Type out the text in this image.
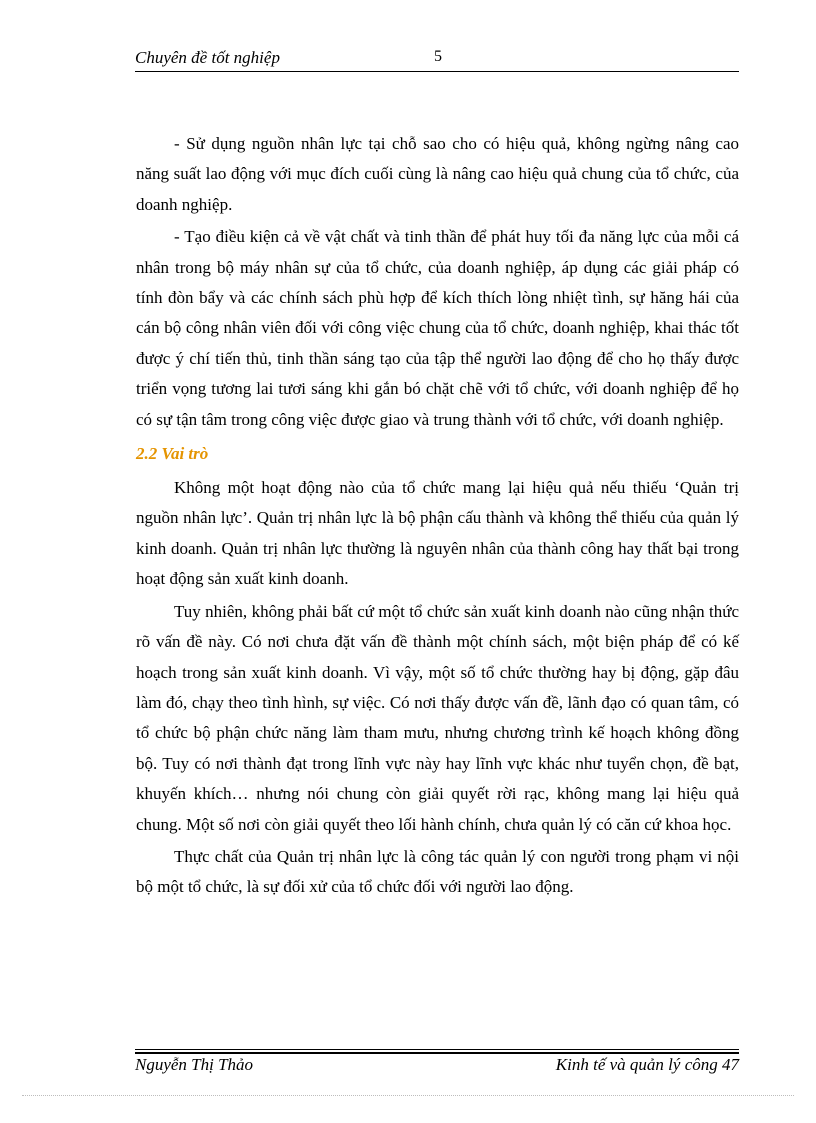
Chuyên đề tốt nghiệp	5

- Sử dụng nguồn nhân lực tại chỗ sao cho có hiệu quả, không ngừng nâng cao năng suất lao động với mục đích cuối cùng là nâng cao hiệu quả chung của tổ chức, của doanh nghiệp.

- Tạo điều kiện cả về vật chất và tinh thần để phát huy tối đa năng lực của mỗi cá nhân trong bộ máy nhân sự của tổ chức, của doanh nghiệp, áp dụng các giải pháp có tính đòn bẩy và các chính sách phù hợp để kích thích lòng nhiệt tình, sự hăng hái của cán bộ công nhân viên đối với công việc chung của tổ chức, doanh nghiệp, khai thác tốt được ý chí tiến thủ, tinh thần sáng tạo của tập thể người lao động để cho họ thấy được triển vọng tương lai tươi sáng khi gắn bó chặt chẽ với tổ chức, với doanh nghiệp để họ có sự tận tâm trong công việc được giao và trung thành với tổ chức, với doanh nghiệp.

2.2 Vai trò

Không một hoạt động nào của tổ chức mang lại hiệu quả nếu thiếu ‘Quản trị nguồn nhân lực’. Quản trị nhân lực là bộ phận cấu thành và không thể thiếu của quản lý kinh doanh. Quản trị nhân lực thường là nguyên nhân của thành công hay thất bại trong hoạt động sản xuất kinh doanh.

Tuy nhiên, không phải bất cứ một tổ chức sản xuất kinh doanh nào cũng nhận thức rõ vấn đề này. Có nơi chưa đặt vấn đề thành một chính sách, một biện pháp để có kế hoạch trong sản xuất kinh doanh. Vì vậy, một số tổ chức thường hay bị động, gặp đâu làm đó, chạy theo tình hình, sự việc. Có nơi thấy được vấn đề, lãnh đạo có quan tâm, có tổ chức bộ phận chức năng làm tham mưu, nhưng chương trình kế hoạch không đồng bộ. Tuy có nơi thành đạt trong lĩnh vực này hay lĩnh vực khác như tuyển chọn, đề bạt, khuyến khích… nhưng nói chung còn giải quyết rời rạc, không mang lại hiệu quả chung. Một số nơi còn giải quyết theo lối hành chính, chưa quản lý có căn cứ khoa học.

Thực chất của Quản trị nhân lực là công tác quản lý con người trong phạm vi nội bộ một tổ chức, là sự đối xử của tổ chức đối với người lao động.

Nguyễn Thị Thảo	Kinh tế và quản lý công 47
